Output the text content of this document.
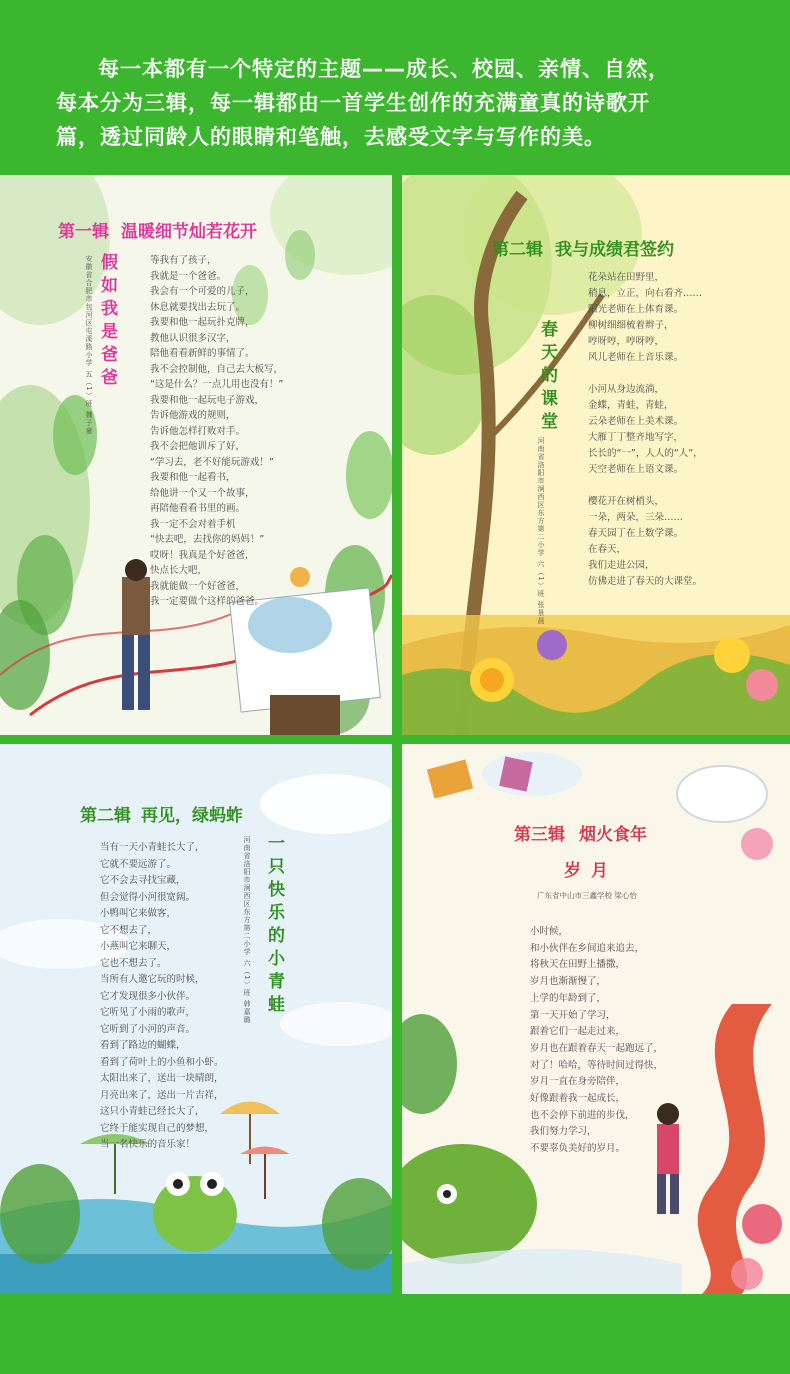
每一本都有一个特定的主题——成长、校园、亲情、自然，

每本分为三辑，每一辑都由一首学生创作的充满童真的诗歌开

篇，透过同龄人的眼睛和笔触，去感受文字与写作的美。

第一辑 温暖细节灿若花开
假如我是爸爸
安徽省合肥市包河区屯溪路小学 五（1）班 魏子童	等我有了孩子，
我就是一个爸爸。
我会有一个可爱的儿子，
休息就要找出去玩了。
我要和他一起玩扑克牌，
教他认识很多汉字，
陪他看看新鲜的事情了。
我不会控制他，自己去大板写，
“这是什么？一点儿用也没有！”
我要和他一起玩电子游戏，
告诉他游戏的规则，
告诉他怎样打败对手。
我不会把他训斥了好，
“学习去，老不好能玩游戏！”
我要和他一起看书，
给他讲一个又一个故事，
再陪他看看书里的画。
我一定不会对着手机
“快去吧，去找你的妈妈！”
哎呀！我真是个好爸爸，
快点长大吧，
我就能做一个好爸爸，
我一定要做个这样的爸爸。
第二辑 我与成绩君签约
春天的课堂
河南省洛阳市涧西区东方第二小学 六（1）班 张景晨
花朵站在田野里，
稍息，立正，向右看齐……
阳光老师在上体育课。
柳树细细梳着辫子，
哼呀哼，哼呀哼，
风儿老师在上音乐课。

小河从身边流淌，
金蝶，青蛙，青蛙，
云朵老师在上美术课。
大雁丁丁整齐地写字，
长长的“一”，人人的“人”，
天空老师在上语文课。

樱花开在树梢头，
一朵，两朵，三朵……
春天园丁在上数学课。
在春天，
我们走进公园，
仿佛走进了春天的大课堂。
第二辑 再见，绿蚂蚱
一只快乐的小青蛙
河南省洛阳市涧西区东方第二小学 六（1）班 韩嘉璐
当有一天小青蛙长大了，
它就不要远游了。
它不会去寻找宝藏，
但会觉得小河很宽阔。
小鸭叫它来做客，
它不想去了，
小燕叫它来聊天，
它也不想去了。
当所有人邀它玩的时候，
它才发现很多小伙伴。
它听见了小雨的歌声，
它听到了小河的声音。
看到了路边的蝴蝶，
看到了荷叶上的小鱼和小虾。
太阳出来了，送出一块晴朗，
月亮出来了，送出一片吉祥，
这只小青蛙已经长大了，
它终于能实现自己的梦想，
当一名快乐的音乐家！
第三辑 烟火食年
岁月
广东省中山市三鑫学校 梁心怡
小时候，
和小伙伴在乡间追来追去，
将秋天在田野上播撒，
岁月也渐渐慢了，
上学的年龄到了，
第一天开始了学习，
跟着它们一起走过来，
岁月也在跟着春天一起跑远了，
对了！哈哈，等待时间过得快，
岁月一直在身旁陪伴，
好像跟着我一起成长，
也不会停下前进的步伐，
我们努力学习，
不要辜负美好的岁月。
